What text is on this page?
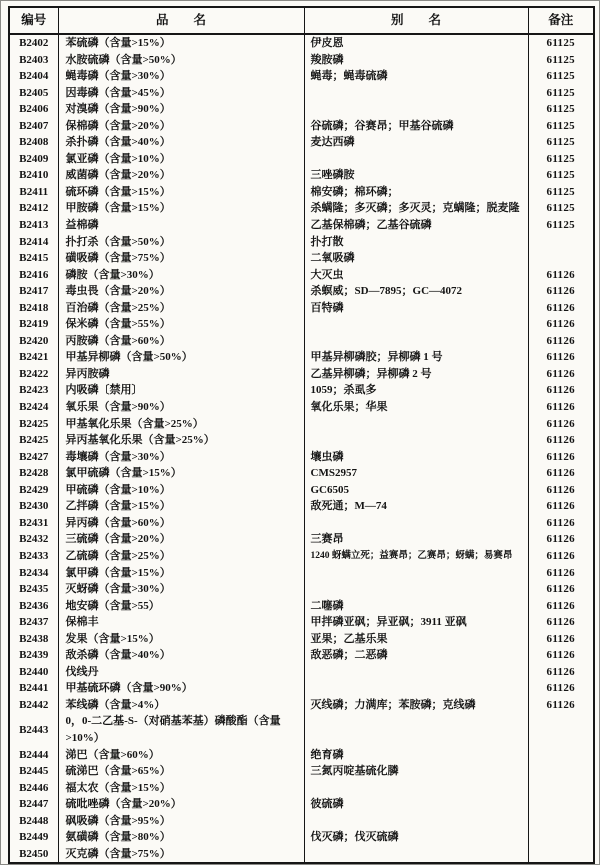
编号	品　　名	别　　名	备注
B2402	苯硫磷（含量>15%）	伊皮恩	61125
B2403	水胺硫磷（含量>50%）	羧胺磷	61125
B2404	蝇毒磷（含量>30%）	蝇毒；蝇毒硫磷	61125
B2405	因毒磷（含量>45%）		61125
B2406	对溴磷（含量>90%）		61125
B2407	保棉磷（含量>20%）	谷硫磷；谷赛昂；甲基谷硫磷	61125
B2408	杀扑磷（含量>40%）	麦达西磷	61125
B2409	氯亚磷（含量>10%）		61125
B2410	威菌磷（含量>20%）	三唑磷胺	61125
B2411	硫环磷（含量>15%）	棉安磷；棉环磷；	61125
B2412	甲胺磷（含量>15%）	杀螨隆；多灭磷；多灭灵；克螨隆；脱麦隆	61125
B2413	益棉磷	乙基保棉磷；乙基谷硫磷	61125
B2414	扑打杀（含量>50%）	扑打散	
B2415	磺吸磷（含量>75%）	二氧吸磷	
B2416	磷胺（含量>30%）	大灭虫	61126
B2417	毒虫畏（含量>20%）	杀螟威；SD—7895；GC—4072	61126
B2418	百治磷（含量>25%）	百特磷	61126
B2419	保米磷（含量>55%）		61126
B2420	丙胺磷（含量>60%）		61126
B2421	甲基异柳磷（含量>50%）	甲基异柳磷胶；异柳磷 1 号	61126
B2422	异丙胺磷	乙基异柳磷；异柳磷 2 号	61126
B2423	内吸磷〔禁用〕	1059；杀虱多	61126
B2424	氧乐果（含量>90%）	氧化乐果；华果	61126
B2425	甲基氧化乐果（含量>25%）		61126
B2425	异丙基氧化乐果（含量>25%）		61126
B2427	毒壤磷（含量>30%）	壤虫磷	61126
B2428	氯甲硫磷（含量>15%）	CMS2957	61126
B2429	甲硫磷（含量>10%）	GC6505	61126
B2430	乙拌磷（含量>15%）	敌死通；M—74	61126
B2431	异丙磷（含量>60%）		61126
B2432	三硫磷（含量>20%）	三赛昂	61126
B2433	乙硫磷（含量>25%）	1240 蚜螨立死；益赛昂；乙赛昂；蚜螨；易赛昂	61126
B2434	氯甲磷（含量>15%）		61126
B2435	灭蚜磷（含量>30%）		61126
B2436	地安磷（含量>55）	二噻磷	61126
B2437	保棉丰	甲拌磷亚砜；异亚砜；3911 亚砜	61126
B2438	发果（含量>15%）	亚果；乙基乐果	61126
B2439	敌杀磷（含量>40%）	敌恶磷；二恶磷	61126
B2440	伐线丹		61126
B2441	甲基硫环磷（含量>90%）		61126
B2442	苯线磷（含量>4%）	灭线磷；力满库；苯胺磷；克线磷	61126
B2443	0，0-二乙基-S-（对硝基苯基）磷酸酯（含量>10%）		
B2444	涕巴（含量>60%）	绝育磷	
B2445	硫涕巴（含量>65%）	三氮丙啶基硫化膦	
B2446	福太农（含量>15%）		
B2447	硫吡唑磷（含量>20%）	彼硫磷	
B2448	砜吸磷（含量>95%）		
B2449	氨磺磷（含量>80%）	伐灭磷；伐灭硫磷	
B2450	灭克磷（含量>75%）		
